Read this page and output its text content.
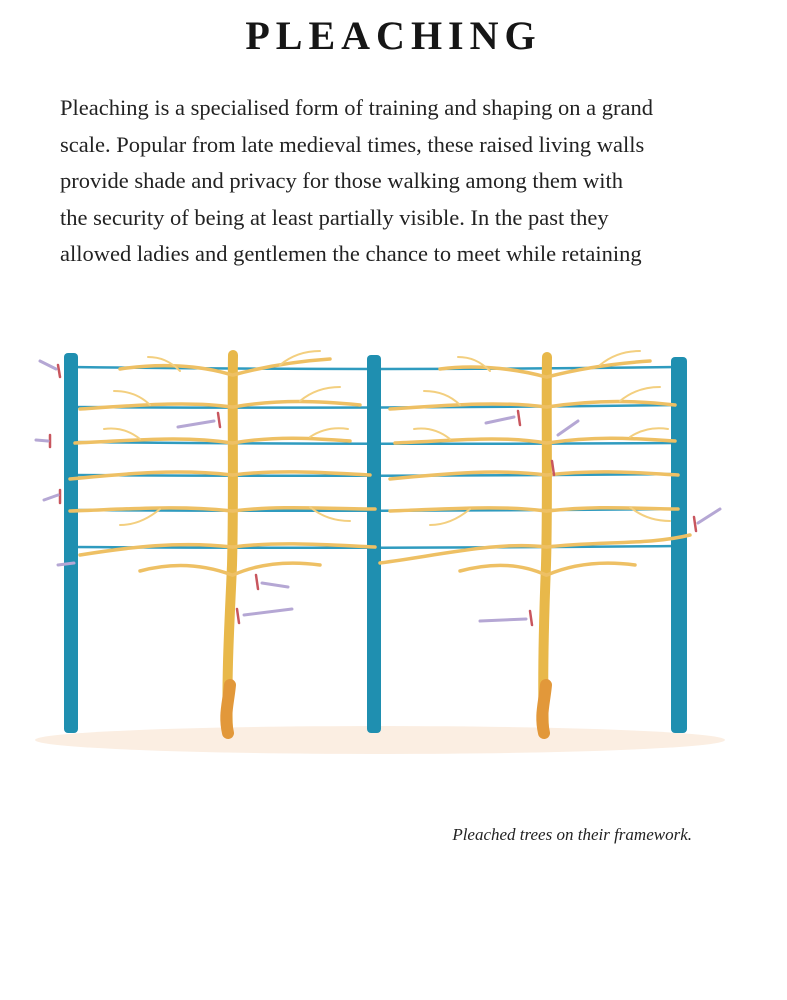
PLEACHING
Pleaching is a specialised form of training and shaping on a grand
scale. Popular from late medieval times, these raised living walls
provide shade and privacy for those walking among them with
the security of being at least partially visible. In the past they
allowed ladies and gentlemen the chance to meet while retaining

Pleached trees on their framework.
